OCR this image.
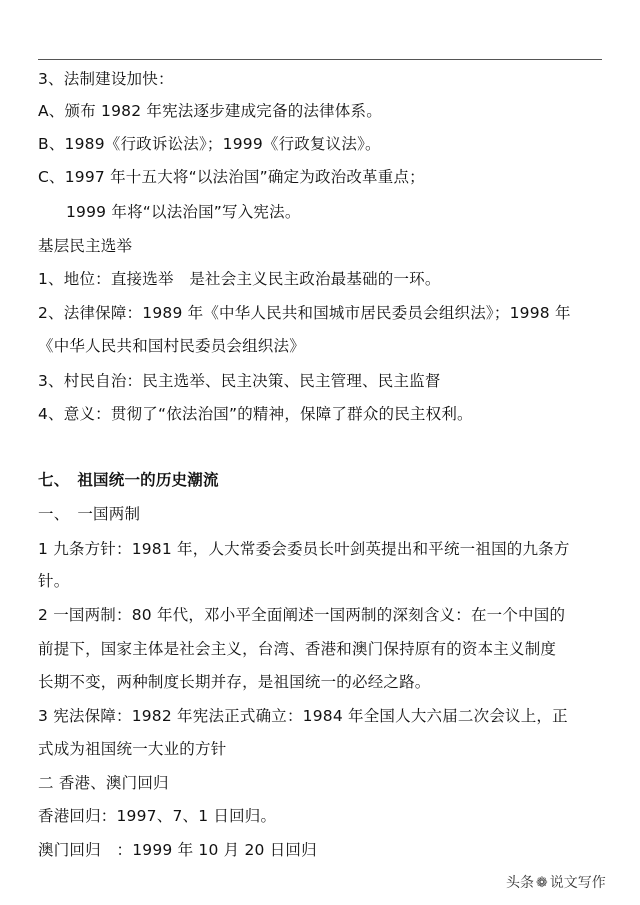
3、法制建设加快：
A、颁布 1982 年宪法逐步建成完备的法律体系。
B、1989《行政诉讼法》；1999《行政复议法》。
C、1997 年十五大将“以法治国”确定为政治改革重点；
1999 年将“以法治国”写入宪法。
基层民主选举
1、地位：直接选举　是社会主义民主政治最基础的一环。
2、法律保障：1989 年《中华人民共和国城市居民委员会组织法》；1998 年
《中华人民共和国村民委员会组织法》
3、村民自治：民主选举、民主决策、民主管理、民主监督
4、意义：贯彻了“依法治国”的精神，保障了群众的民主权利。
七、　祖国统一的历史潮流
一、　一国两制
1 九条方针：1981 年，人大常委会委员长叶剑英提出和平统一祖国的九条方
针。
2 一国两制：80 年代，邓小平全面阐述一国两制的深刻含义：在一个中国的
前提下，国家主体是社会主义，台湾、香港和澳门保持原有的资本主义制度
长期不变，两种制度长期并存，是祖国统一的必经之路。
3 宪法保障：1982 年宪法正式确立：1984 年全国人大六届二次会议上，正
式成为祖国统一大业的方针
二 香港、澳门回归
香港回归：1997、7、1 日回归。
澳门回归　：1999 年 10 月 20 日回归
头条 ❁ 说文写作
